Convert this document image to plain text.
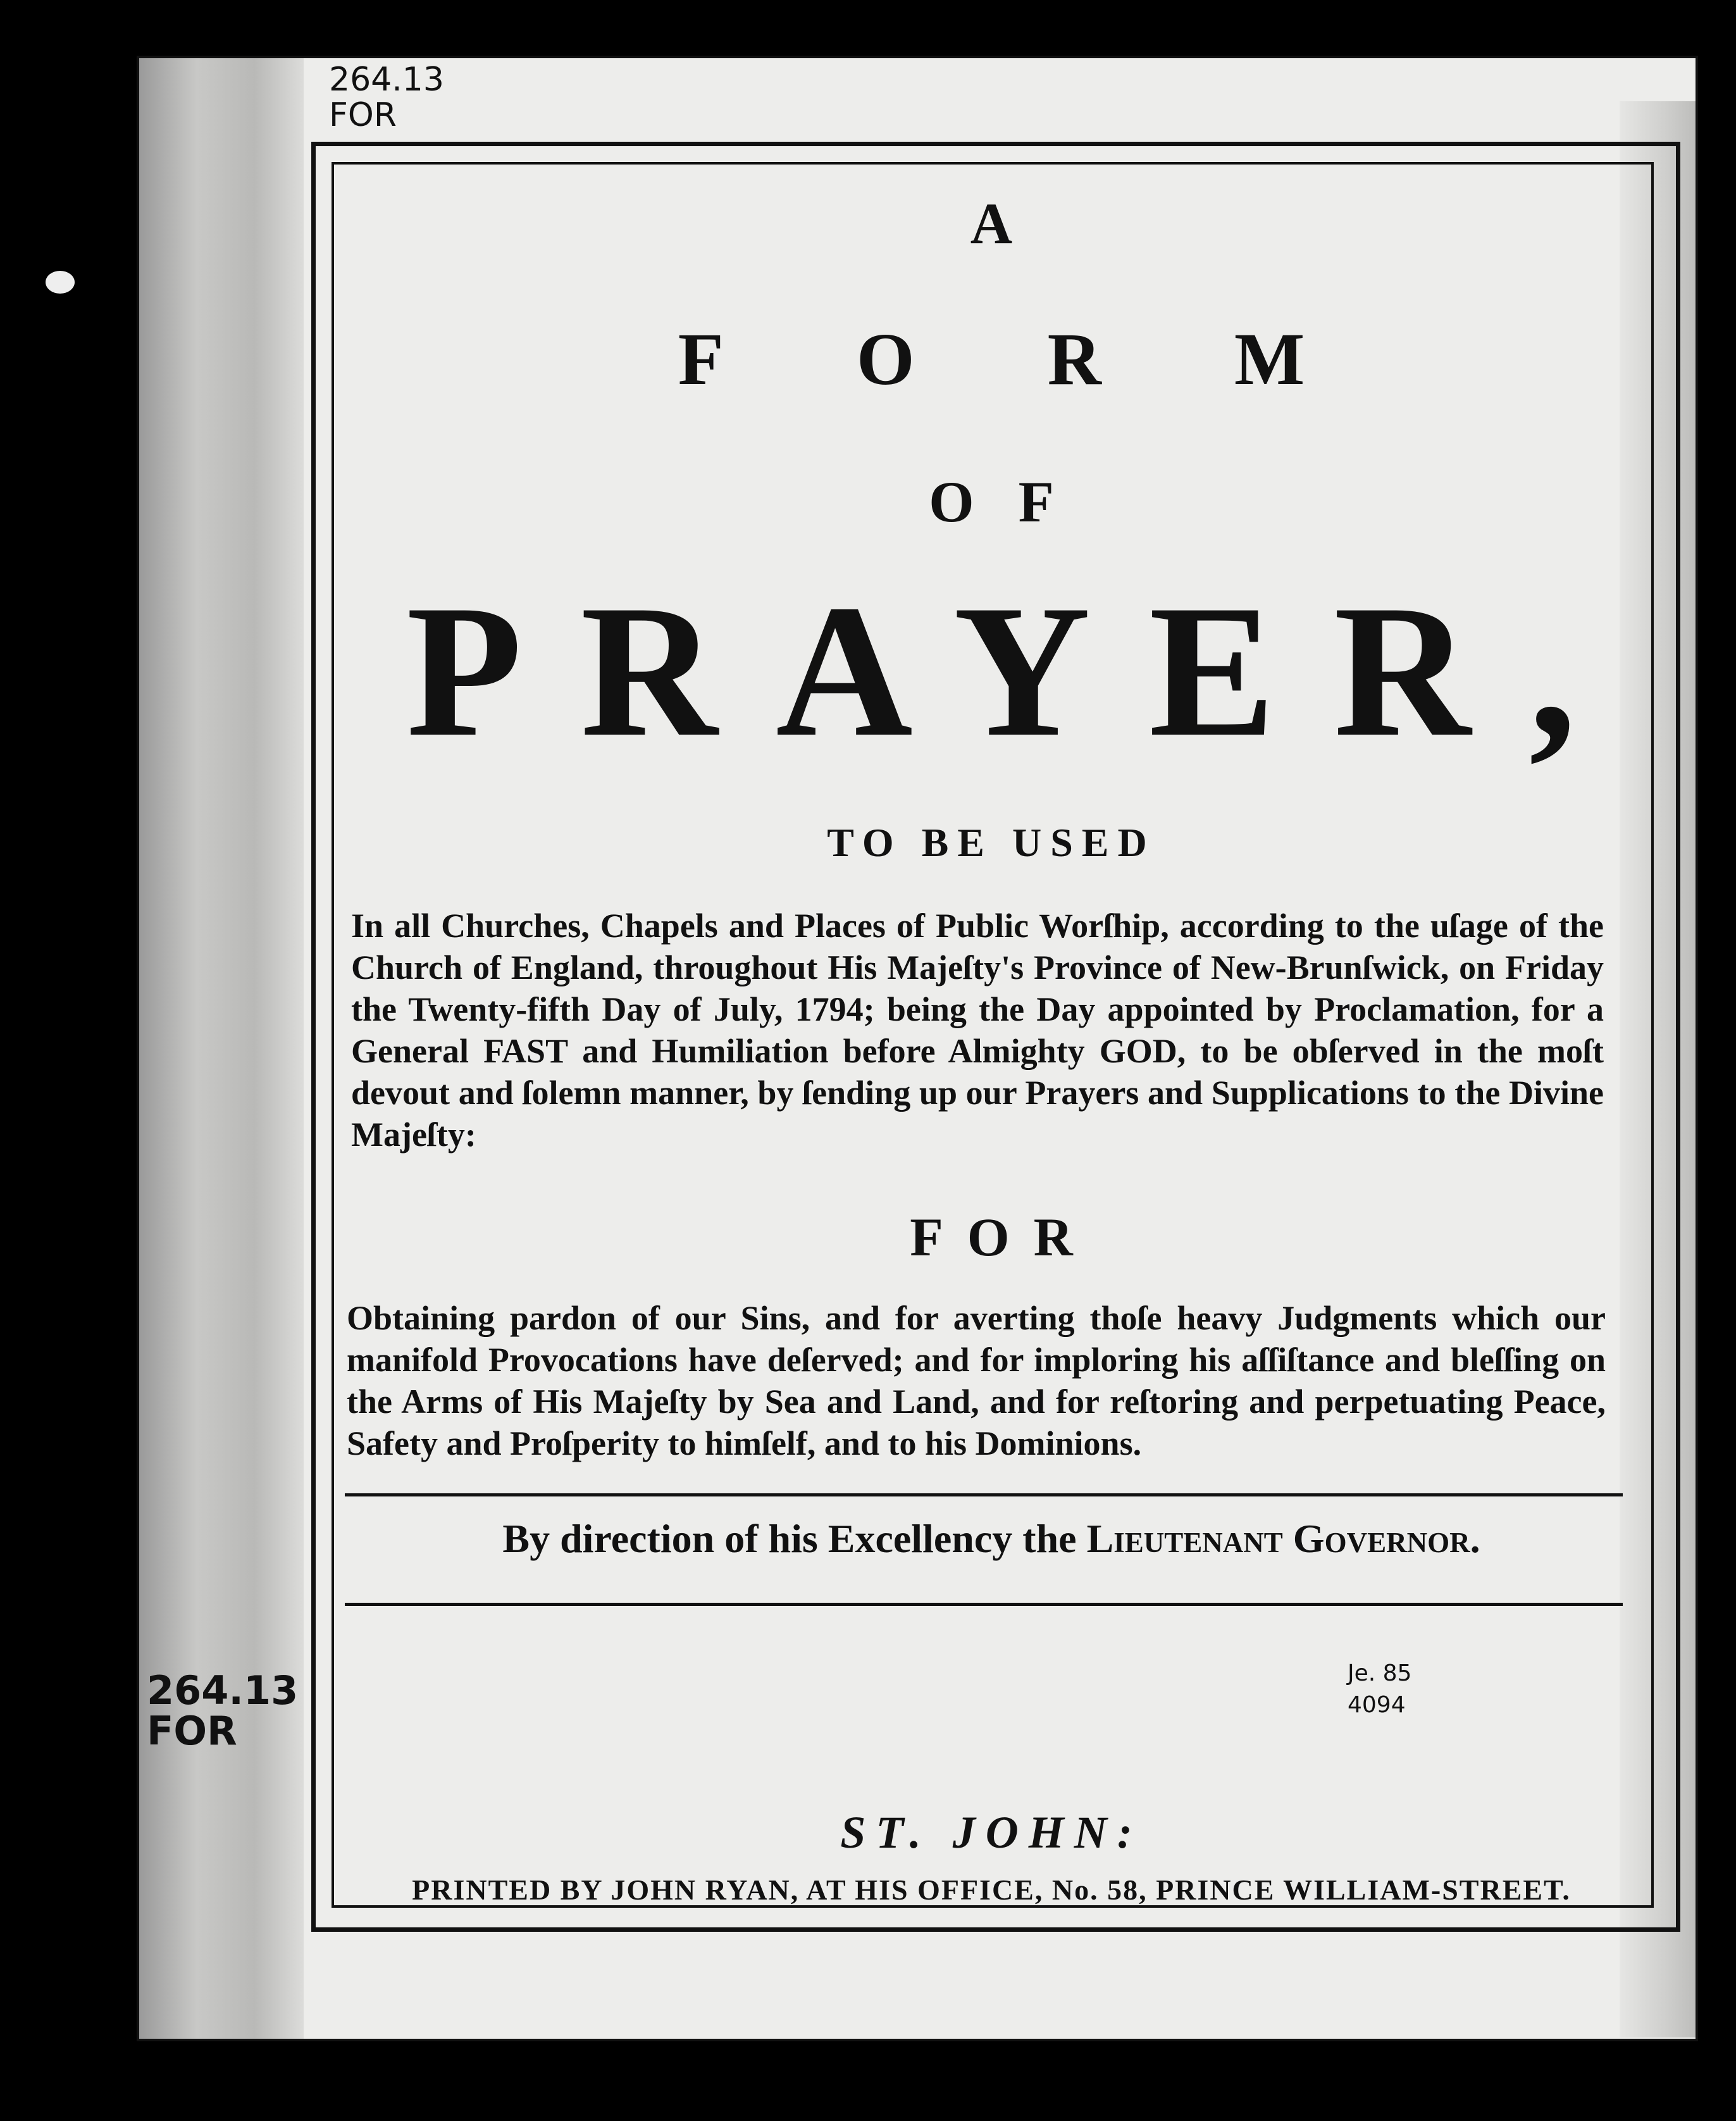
264.13
FOR
264.13
FOR
A
FORM
OF
PRAYER,
TO BE USED
In all Churches, Chapels and Places of Public Worſhip, according to the uſage of the Church of England, throughout His Majeſty's Province of New-Brunſwick, on Friday the Twenty-fifth Day of July, 1794; being the Day appointed by Proclamation, for a General FAST and Humiliation before Almighty GOD, to be obſerved in the moſt devout and ſolemn manner, by ſending up our Prayers and Supplications to the Divine Majeſty:
FOR
Obtaining pardon of our Sins, and for averting thoſe heavy Judgments which our manifold Provocations have deſerved; and for imploring his aſſiſtance and bleſſing on the Arms of His Majeſty by Sea and Land, and for reſtoring and perpetuating Peace, Safety and Proſperity to himſelf, and to his Dominions.
By direction of his Excellency the Lieutenant Governor.
Je. 85
4094
ST. JOHN:
PRINTED BY JOHN RYAN, AT HIS OFFICE, No. 58, PRINCE WILLIAM-STREET.
